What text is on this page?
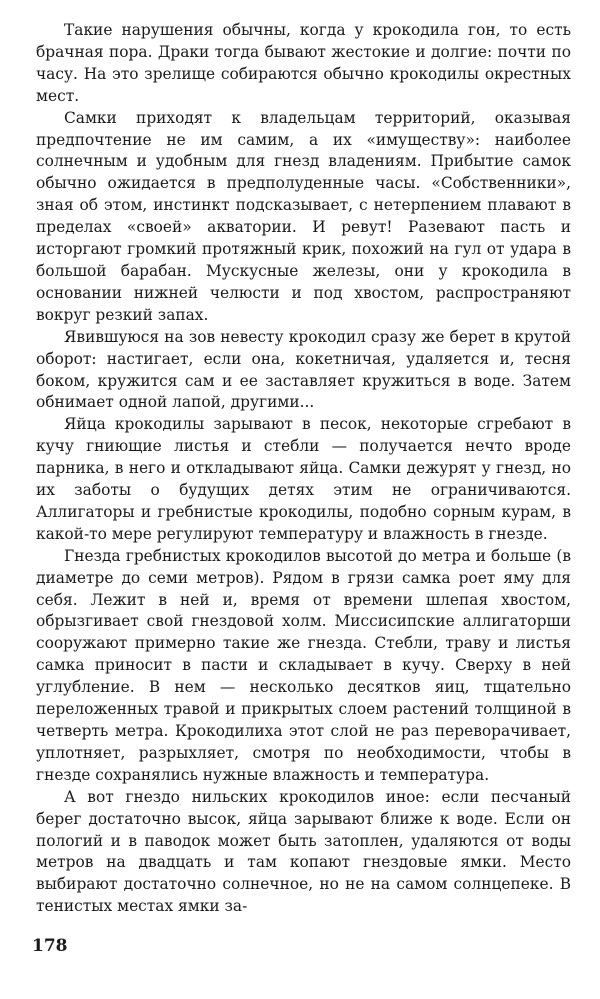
Такие нарушения обычны, когда у крокодила гон, то есть брачная пора. Драки тогда бывают жестокие и долгие: почти по часу. На это зрелище собираются обычно крокодилы окрестных мест.

Самки приходят к владельцам территорий, оказывая предпочтение не им самим, а их «имуществу»: наиболее солнечным и удобным для гнезд владениям. Прибытие самок обычно ожидается в предполуденные часы. «Собственники», зная об этом, инстинкт подсказывает, с нетерпением плавают в пределах «своей» акватории. И ревут! Разевают пасть и исторгают громкий протяжный крик, похожий на гул от удара в большой барабан. Мускусные железы, они у крокодила в основании нижней челюсти и под хвостом, распространяют вокруг резкий запах.

Явившуюся на зов невесту крокодил сразу же берет в крутой оборот: настигает, если она, кокетничая, удаляется и, тесня боком, кружится сам и ее заставляет кружиться в воде. Затем обнимает одной лапой, другими...

Яйца крокодилы зарывают в песок, некоторые сгребают в кучу гниющие листья и стебли — получается нечто вроде парника, в него и откладывают яйца. Самки дежурят у гнезд, но их заботы о будущих детях этим не ограничиваются. Аллигаторы и гребнистые крокодилы, подобно сорным курам, в какой-то мере регулируют температуру и влажность в гнезде.

Гнезда гребнистых крокодилов высотой до метра и больше (в диаметре до семи метров). Рядом в грязи самка роет яму для себя. Лежит в ней и, время от времени шлепая хвостом, обрызгивает свой гнездовой холм. Миссисипские аллигаторши сооружают примерно такие же гнезда. Стебли, траву и листья самка приносит в пасти и складывает в кучу. Сверху в ней углубление. В нем — несколько десятков яиц, тщательно переложенных травой и прикрытых слоем растений толщиной в четверть метра. Крокодилиха этот слой не раз переворачивает, уплотняет, разрыхляет, смотря по необходимости, чтобы в гнезде сохранялись нужные влажность и температура.

А вот гнездо нильских крокодилов иное: если песчаный берег достаточно высок, яйца зарывают ближе к воде. Если он пологий и в паводок может быть затоплен, удаляются от воды метров на двадцать и там копают гнездовые ямки. Место выбирают достаточно солнечное, но не на самом солнцепеке. В тенистых местах ямки за-

178
